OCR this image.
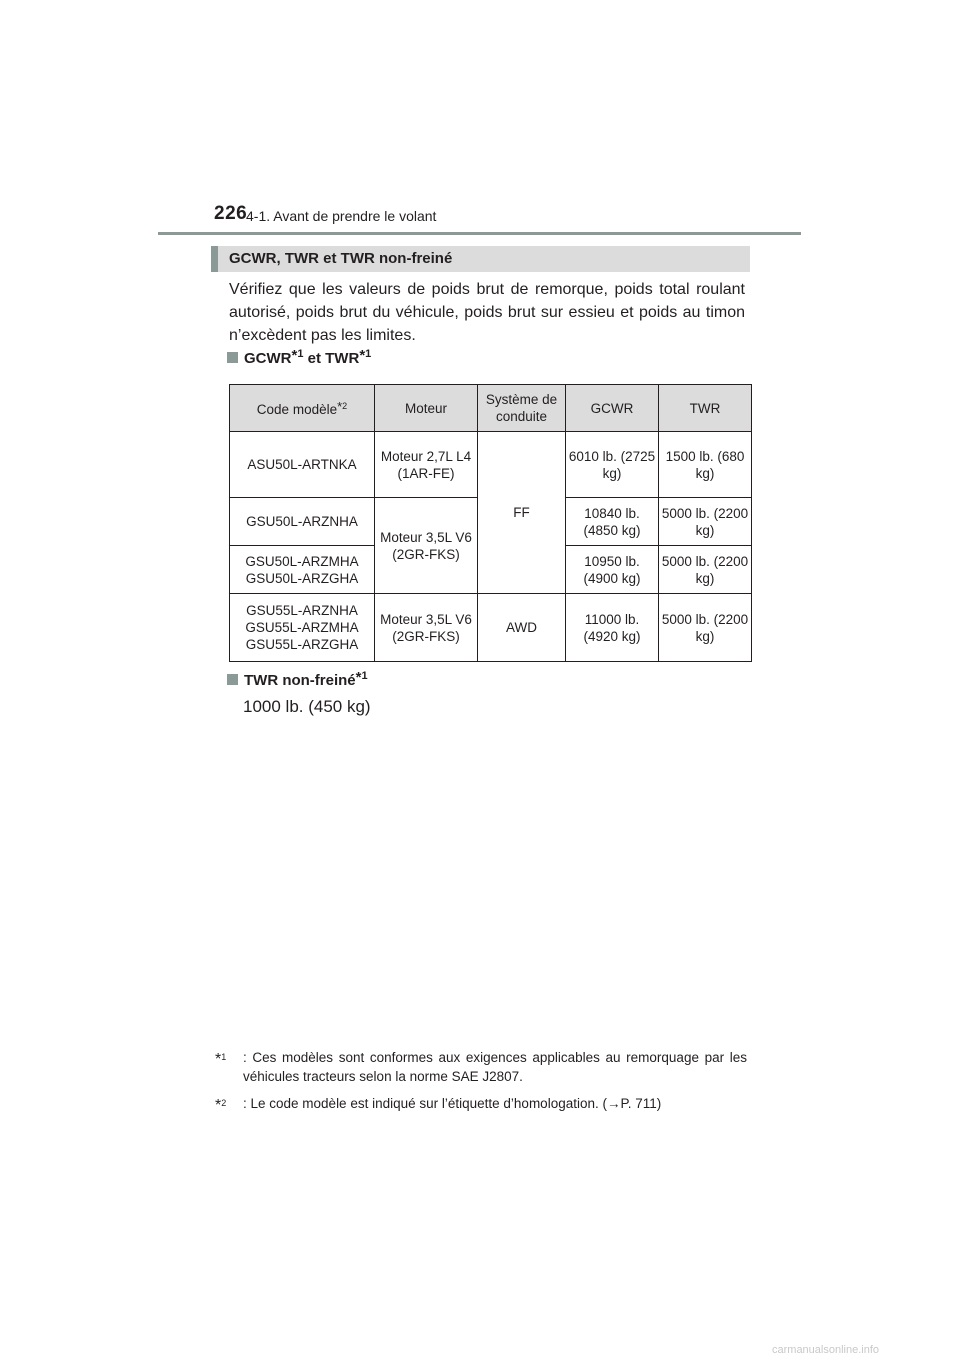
226
4-1. Avant de prendre le volant
GCWR, TWR et TWR non-freiné

Vérifiez que les valeurs de poids brut de remorque, poids total roulant autorisé, poids brut du véhicule, poids brut sur essieu et poids au timon n’excèdent pas les limites.

GCWR*$^1$ et TWR*$^1$
Code modèle*$^2$	Moteur	Système de conduite	GCWR	TWR
ASU50L-ARTNKA	Moteur 2,7L L4 (1AR-FE)	FF	6010 lb. (2725 kg)	1500 lb. (680 kg)
GSU50L-ARZNHA	Moteur 3,5L V6 (2GR-FKS)		10840 lb. (4850 kg)	5000 lb. (2200 kg)
GSU50L-ARZMHA GSU50L-ARZGHA			10950 lb. (4900 kg)	5000 lb. (2200 kg)
GSU55L-ARZNHA GSU55L-ARZMHA GSU55L-ARZGHA	Moteur 3,5L V6 (2GR-FKS)	AWD	11000 lb. (4920 kg)	5000 lb. (2200 kg)
TWR non-freiné*$^1$
1000 lb. (450 kg)

*$^1$	: Ces modèles sont conformes aux exigences applicables au remorquage par les véhicules tracteurs selon la norme SAE J2807.

*$^2$	: Le code modèle est indiqué sur l’étiquette d’homologation. (→P. 711)

carmanualsonline.info
